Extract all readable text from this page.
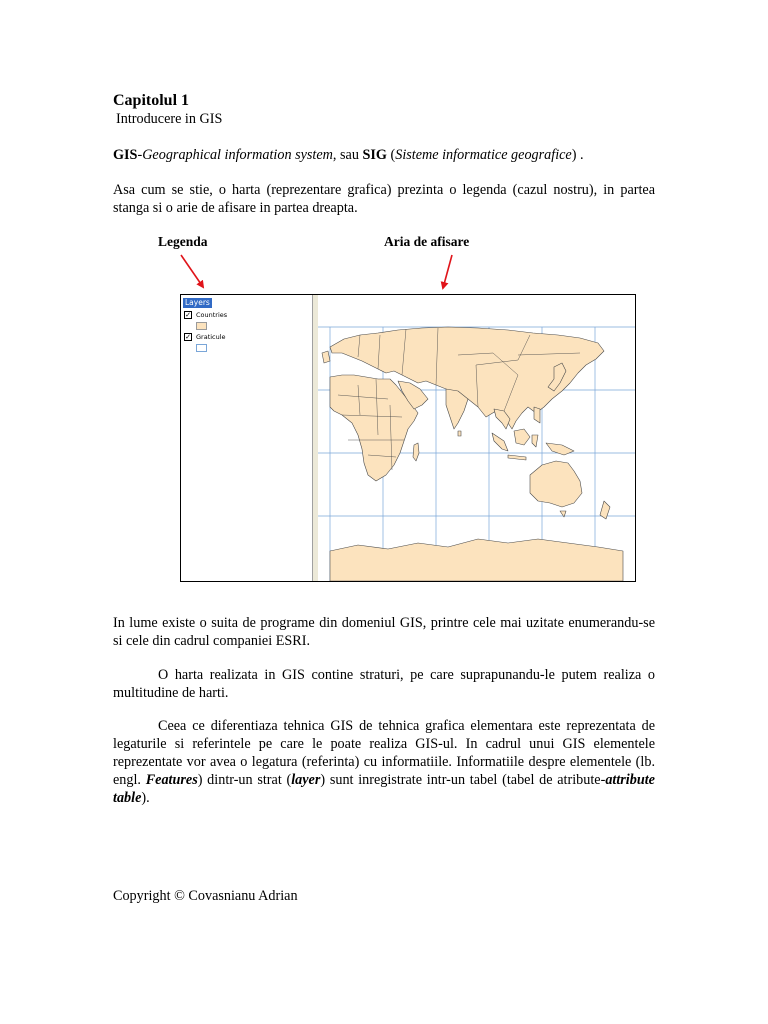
Capitolul 1
Introducere in GIS
GIS-Geographical information system, sau SIG (Sisteme informatice geografice) .
Asa cum se stie, o harta (reprezentare grafica) prezinta o legenda (cazul nostru), in partea stanga si o arie de afisare in partea dreapta.
Legenda	Aria de afisare
Layers
✓ Countries
✓ Graticule
In lume existe o suita de programe din domeniul GIS, printre cele mai uzitate enumerandu-se si cele din cadrul companiei ESRI.
O harta realizata in GIS contine straturi, pe care suprapunandu-le putem realiza o multitudine de harti.
Ceea ce diferentiaza tehnica GIS de tehnica grafica elementara este reprezentata de legaturile si referintele pe care le poate realiza GIS-ul. In cadrul unui GIS elementele reprezentate vor avea o legatura (referinta) cu informatiile. Informatiile despre elementele (lb. engl. Features) dintr-un strat (layer) sunt inregistrate intr-un tabel (tabel de atribute-attribute table).
Copyright © Covasnianu Adrian
